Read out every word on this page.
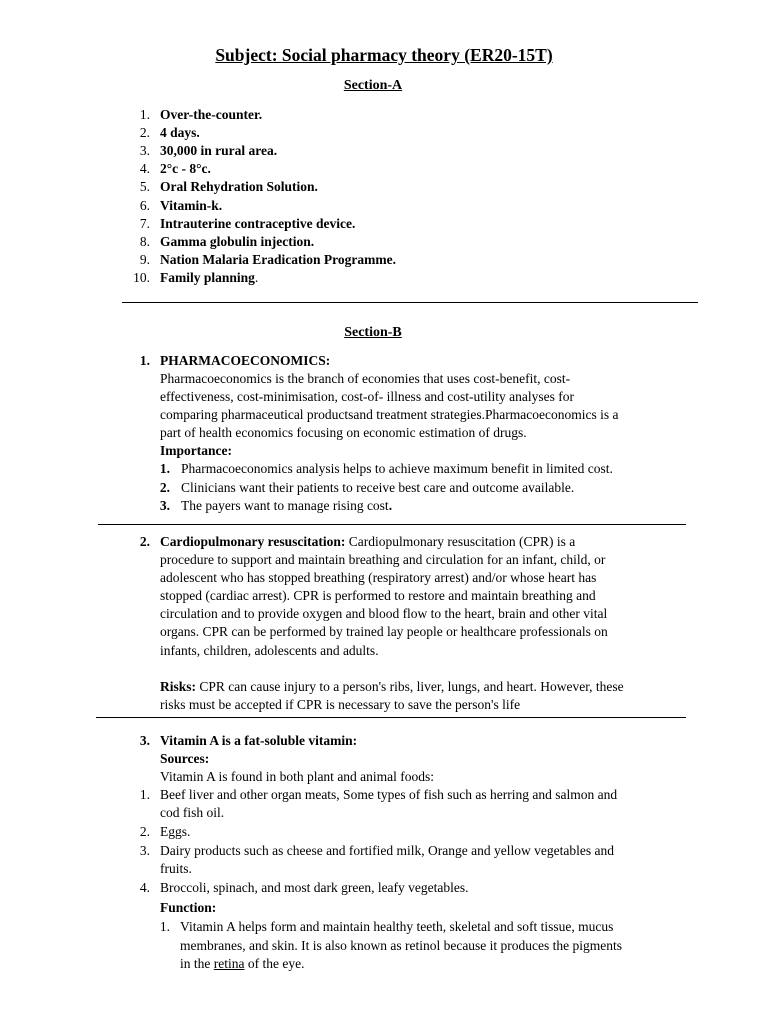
Subject: Social pharmacy theory (ER20-15T)
Section-A
1. Over-the-counter.
2. 4 days.
3. 30,000 in rural area.
4. 2°c - 8°c.
5. Oral Rehydration Solution.
6. Vitamin-k.
7. Intrauterine contraceptive device.
8. Gamma globulin injection.
9. Nation Malaria Eradication Programme.
10. Family planning.
Section-B
1. PHARMACOECONOMICS:
Pharmacoeconomics is the branch of economies that uses cost-benefit, cost-
effectiveness, cost-minimisation, cost-of- illness and cost-utility analyses for
comparing pharmaceutical productsand treatment strategies.Pharmacoeconomics is a
part of health economics focusing on economic estimation of drugs.
Importance:
1. Pharmacoeconomics analysis helps to achieve maximum benefit in limited cost.
2. Clinicians want their patients to receive best care and outcome available.
3. The payers want to manage rising cost.
2. Cardiopulmonary resuscitation: Cardiopulmonary resuscitation (CPR) is a
procedure to support and maintain breathing and circulation for an infant, child, or
adolescent who has stopped breathing (respiratory arrest) and/or whose heart has
stopped (cardiac arrest). CPR is performed to restore and maintain breathing and
circulation and to provide oxygen and blood flow to the heart, brain and other vital
organs. CPR can be performed by trained lay people or healthcare professionals on
infants, children, adolescents and adults.
Risks: CPR can cause injury to a person's ribs, liver, lungs, and heart. However, these
risks must be accepted if CPR is necessary to save the person's life
3. Vitamin A is a fat-soluble vitamin:
Sources:
Vitamin A is found in both plant and animal foods:
1. Beef liver and other organ meats, Some types of fish such as herring and salmon and
cod fish oil.
2. Eggs.
3. Dairy products such as cheese and fortified milk, Orange and yellow vegetables and
fruits.
4. Broccoli, spinach, and most dark green, leafy vegetables.
Function:
1. Vitamin A helps form and maintain healthy teeth, skeletal and soft tissue, mucus
membranes, and skin. It is also known as retinol because it produces the pigments
in the retina of the eye.
